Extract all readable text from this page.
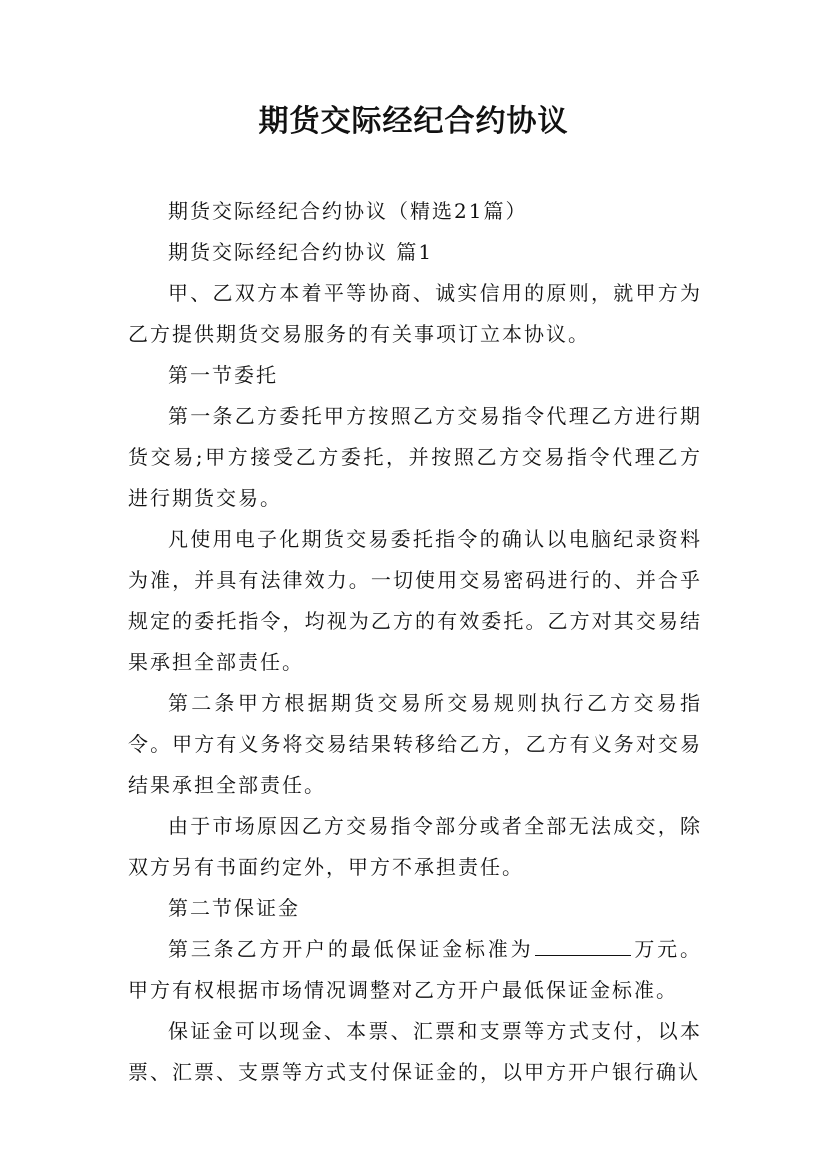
期货交际经纪合约协议

期货交际经纪合约协议（精选21篇）

期货交际经纪合约协议 篇1

甲、乙双方本着平等协商、诚实信用的原则，就甲方为乙方提供期货交易服务的有关事项订立本协议。

第一节委托

第一条乙方委托甲方按照乙方交易指令代理乙方进行期货交易;甲方接受乙方委托，并按照乙方交易指令代理乙方进行期货交易。

凡使用电子化期货交易委托指令的确认以电脑纪录资料为准，并具有法律效力。一切使用交易密码进行的、并合乎规定的委托指令，均视为乙方的有效委托。乙方对其交易结果承担全部责任。

第二条甲方根据期货交易所交易规则执行乙方交易指令。甲方有义务将交易结果转移给乙方，乙方有义务对交易结果承担全部责任。

由于市场原因乙方交易指令部分或者全部无法成交，除双方另有书面约定外，甲方不承担责任。

第二节保证金

第三条乙方开户的最低保证金标准为	万元。甲方有权根据市场情况调整对乙方开户最低保证金标准。

保证金可以现金、本票、汇票和支票等方式支付，以本票、汇票、支票等方式支付保证金的，以甲方开户银行确认
